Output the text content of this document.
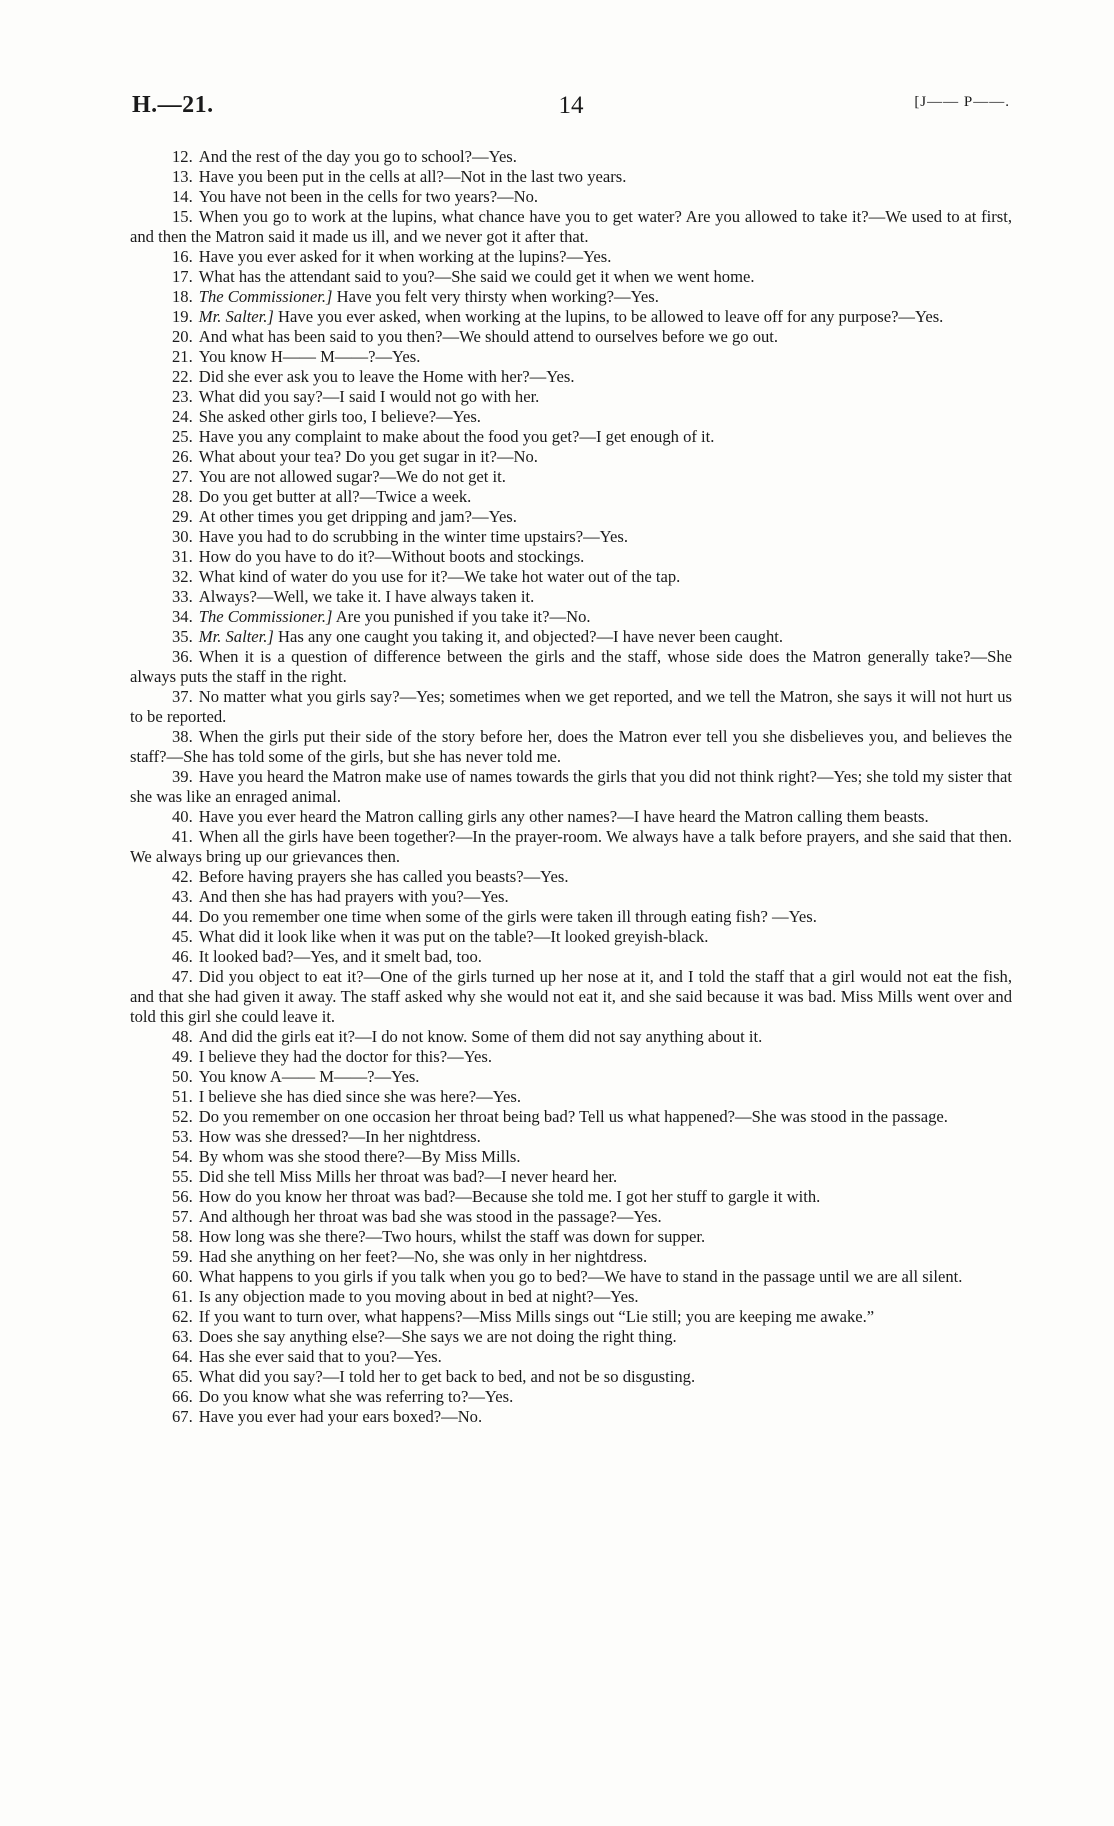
H.—21.	14	[J—— P——.

12. And the rest of the day you go to school?—Yes.

13. Have you been put in the cells at all?—Not in the last two years.

14. You have not been in the cells for two years?—No.

15. When you go to work at the lupins, what chance have you to get water? Are you allowed to take it?—We used to at first, and then the Matron said it made us ill, and we never got it after that.

16. Have you ever asked for it when working at the lupins?—Yes.

17. What has the attendant said to you?—She said we could get it when we went home.

18. The Commissioner.] Have you felt very thirsty when working?—Yes.

19. Mr. Salter.] Have you ever asked, when working at the lupins, to be allowed to leave off for any purpose?—Yes.

20. And what has been said to you then?—We should attend to ourselves before we go out.

21. You know H—— M——?—Yes.

22. Did she ever ask you to leave the Home with her?—Yes.

23. What did you say?—I said I would not go with her.

24. She asked other girls too, I believe?—Yes.

25. Have you any complaint to make about the food you get?—I get enough of it.

26. What about your tea? Do you get sugar in it?—No.

27. You are not allowed sugar?—We do not get it.

28. Do you get butter at all?—Twice a week.

29. At other times you get dripping and jam?—Yes.

30. Have you had to do scrubbing in the winter time upstairs?—Yes.

31. How do you have to do it?—Without boots and stockings.

32. What kind of water do you use for it?—We take hot water out of the tap.

33. Always?—Well, we take it. I have always taken it.

34. The Commissioner.] Are you punished if you take it?—No.

35. Mr. Salter.] Has any one caught you taking it, and objected?—I have never been caught.

36. When it is a question of difference between the girls and the staff, whose side does the Matron generally take?—She always puts the staff in the right.

37. No matter what you girls say?—Yes; sometimes when we get reported, and we tell the Matron, she says it will not hurt us to be reported.

38. When the girls put their side of the story before her, does the Matron ever tell you she disbelieves you, and believes the staff?—She has told some of the girls, but she has never told me.

39. Have you heard the Matron make use of names towards the girls that you did not think right?—Yes; she told my sister that she was like an enraged animal.

40. Have you ever heard the Matron calling girls any other names?—I have heard the Matron calling them beasts.

41. When all the girls have been together?—In the prayer-room. We always have a talk before prayers, and she said that then. We always bring up our grievances then.

42. Before having prayers she has called you beasts?—Yes.

43. And then she has had prayers with you?—Yes.

44. Do you remember one time when some of the girls were taken ill through eating fish? —Yes.

45. What did it look like when it was put on the table?—It looked greyish-black.

46. It looked bad?—Yes, and it smelt bad, too.

47. Did you object to eat it?—One of the girls turned up her nose at it, and I told the staff that a girl would not eat the fish, and that she had given it away. The staff asked why she would not eat it, and she said because it was bad. Miss Mills went over and told this girl she could leave it.

48. And did the girls eat it?—I do not know. Some of them did not say anything about it.

49. I believe they had the doctor for this?—Yes.

50. You know A—— M——?—Yes.

51. I believe she has died since she was here?—Yes.

52. Do you remember on one occasion her throat being bad? Tell us what happened?—She was stood in the passage.

53. How was she dressed?—In her nightdress.

54. By whom was she stood there?—By Miss Mills.

55. Did she tell Miss Mills her throat was bad?—I never heard her.

56. How do you know her throat was bad?—Because she told me. I got her stuff to gargle it with.

57. And although her throat was bad she was stood in the passage?—Yes.

58. How long was she there?—Two hours, whilst the staff was down for supper.

59. Had she anything on her feet?—No, she was only in her nightdress.

60. What happens to you girls if you talk when you go to bed?—We have to stand in the passage until we are all silent.

61. Is any objection made to you moving about in bed at night?—Yes.

62. If you want to turn over, what happens?—Miss Mills sings out “Lie still; you are keeping me awake.”

63. Does she say anything else?—She says we are not doing the right thing.

64. Has she ever said that to you?—Yes.

65. What did you say?—I told her to get back to bed, and not be so disgusting.

66. Do you know what she was referring to?—Yes.

67. Have you ever had your ears boxed?—No.
